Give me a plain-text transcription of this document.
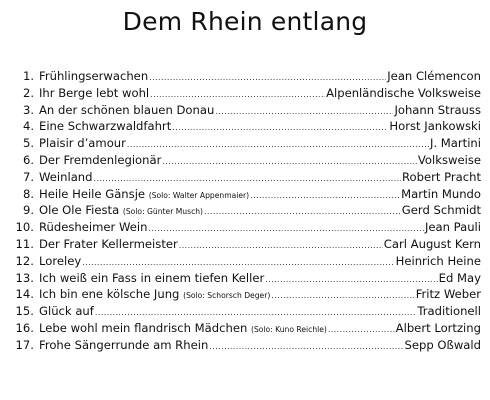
Dem Rhein entlang
1. Frühlingserwachen .....	Jean Clémencon
2. Ihr Berge lebt wohl .....	Alpenländische Volksweise
3. An der schönen blauen Donau .....	Johann Strauss
4. Eine Schwarzwaldfahrt .....	Horst Jankowski
5. Plaisir d’amour .....	J. Martini
6. Der Fremdenlegionär .....	Volksweise
7. Weinland .....	Robert Pracht
8. Heile Heile Gänsje (Solo: Walter Appenmaier) .....	Martin Mundo
9. Ole Ole Fiesta (Solo: Günter Musch) .....	Gerd Schmidt
10. Rüdesheimer Wein .....	Jean Pauli
11. Der Frater Kellermeister .....	Carl August Kern
12. Loreley .....	Heinrich Heine
13. Ich weiß ein Fass in einem tiefen Keller .....	Ed May
14. Ich bin ene kölsche Jung (Solo: Schorsch Deger) .....	Fritz Weber
15. Glück auf .....	Traditionell
16. Lebe wohl mein flandrisch Mädchen (Solo: Kuno Reichle) .....	Albert Lortzing
17. Frohe Sängerrunde am Rhein .....	Sepp Oßwald
